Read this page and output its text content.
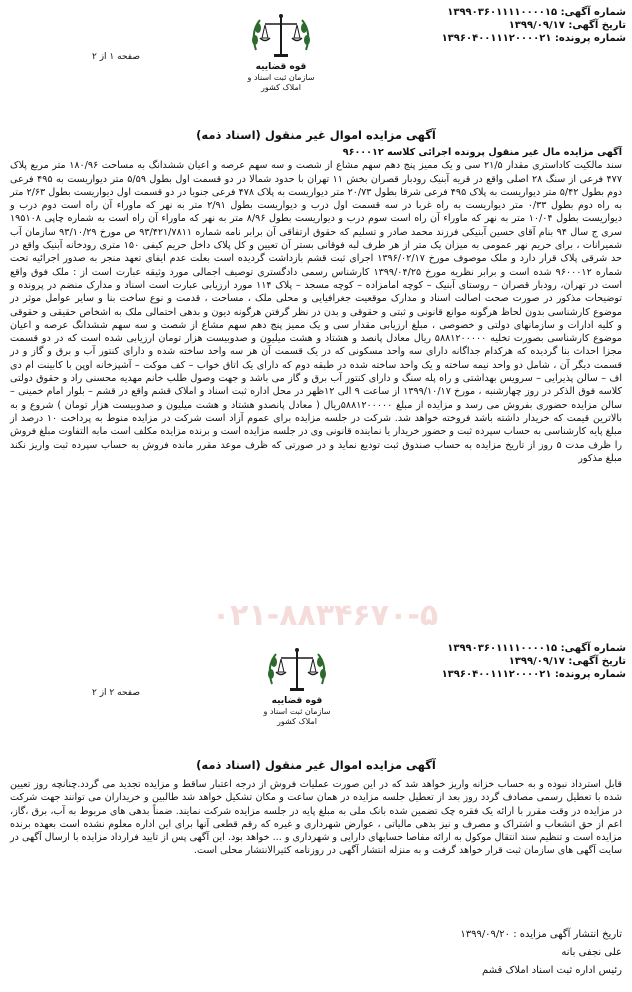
شماره آگهی: ۱۳۹۹۰۳۶۰۱۱۱۱۰۰۰۰۱۵
تاریخ آگهی: ۱۳۹۹/۰۹/۱۷
شماره پرونده: ۱۳۹۶۰۴۰۰۱۱۱۲۰۰۰۰۲۱
قوه قضاییه
سازمان ثبت اسناد و املاک کشور
صفحه ۱ از ۲
آگهی مزایده اموال غیر منقول (اسناد ذمه)

آگهی مزایده مال غیر منقول پرونده اجرائی کلاسه ۹۶۰۰۰۱۲
سند مالکیت کاداستری مقدار ۲۱/۵ سی و یک ممیز پنج دهم سهم مشاع از شصت و سه سهم عرصه و اعیان ششدانگ به مساحت ۱۸۰/۹۶ متر مربع پلاک ۴۷۷ فرعی از سنگ ۲۸ اصلی واقع در قریه آبنیک رودبار قصران بخش ۱۱ تهران با حدود شمالا در دو قسمت اول بطول ۵/۵۹ متر دیواریست به ۴۹۵ فرعی دوم بطول ۵/۴۲ متر دیواریست به پلاک ۴۹۵ فرعی شرقا بطول ۲۰/۷۳ متر دیواریست به پلاک ۴۷۸ فرعی جنوبا در دو قسمت اول دیواریست بطول ۲/۶۳ متر به راه دوم بطول ۰/۳۳ متر دیواریست به راه غربا در سه قسمت اول درب و دیواریست بطول ۲/۹۱ متر به نهر که ماوراء آن راه است دوم درب و دیواریست بطول ۱۰/۰۴ متر به نهر که ماوراء آن راه است سوم درب و دیواریست بطول ۸/۹۶ متر به نهر که ماوراء آن راه است به شماره چاپی ۱۹۵۱۰۸ سری ج سال ۹۴ بنام آقای حسین آبنیکی فرزند محمد صادر و تسلیم که حقوق ارتفاقی آن برابر نامه شماره ۹۳/۴۲۱/۷۸۱۱ ص مورخ ۹۳/۱۰/۲۹ سازمان آب شمیرانات ، برای حریم نهر عمومی به میزان یک متر از هر طرف لبه فوقانی بستر آن تعیین و کل پلاک داخل حریم کیفی ۱۵۰ متری رودخانه آبنیک واقع در حد شرقی پلاک قرار دارد و ملک موصوف مورخ ۱۳۹۶/۰۲/۱۷ اجرای ثبت قشم بازداشت گردیده است بعلت عدم ایفای تعهد منجر به صدور اجرائیه تحت شماره ۹۶۰۰۰۱۲ شده است و برابر نظریه مورخ ۱۳۹۹/۰۴/۲۵ کارشناس رسمی دادگستری توصیف اجمالی مورد وثیقه عبارت است از : ملک فوق واقع است در تهران، رودبار قصران – روستای آبنیک – کوچه امامزاده – کوچه مسجد – پلاک ۱۱۴ مورد ارزیابی عبارت است اسناد و مدارک منضم در پرونده و توضیحات مذکور در صورت صحت اصالت اسناد و مدارک موقعیت جغرافیایی و محلی ملک ، مساحت ، قدمت و نوع ساخت بنا و سایر عوامل موثر در موضوع کارشناسی بدون لحاظ هرگونه موانع قانونی و ثبتی و حقوقی و بدن در نظر گرفتن هرگونه دیون و بدهی احتمالی ملک به اشخاص حقیقی و حقوقی و کلیه ادارات و سازمانهای دولتی و خصوصی ، مبلغ ارزیابی مقدار سی و یک ممیز پنج دهم سهم مشاع از شصت و سه سهم ششدانگ عرصه و اعیان موضوع کارشناسی بصورت تخلیه ۵۸۸۱۲۰۰۰۰۰ ریال معادل پانصد و هشتاد و هشت میلیون و صدوبیست هزار تومان ارزیابی شده است که در دو قسمت مجزا احداث بنا گردیده که هرکدام جداگانه دارای سه واحد مسکونی که در یک قسمت آن هر سه واحد ساخته شده و دارای کنتور آب و برق و گاز و در قسمت دیگر آن ، شامل دو واحد نیمه ساخته و یک واحد ساخته شده در طبقه دوم که دارای یک اتاق خواب – کف موکت – آشپزخانه اوپن با کابینت ام دی اف – سالن پذیرایی – سرویس بهداشتی و راه پله سنگ و دارای کنتور آب برق و گاز می باشد و جهت وصول طلب خانم مهدیه محسنی راد و حقوق دولتی کلاسه فوق الذکر در روز چهارشنبه ، مورخ ۱۳۹۹/۱۰/۱۷ از ساعت ۹ الی ۱۲ظهر در محل اداره ثبت اسناد و املاک قشم واقع در قشم – بلوار امام خمینی – سالن مزایده حضوری بفروش می رسد و مزایده از مبلغ ۵۸۸۱۲۰۰۰۰۰ریال ( معادل پانصدو هشتاد و هشت میلیون و صدوبیست هزار تومان ) شروع و به بالاترین قیمت که خریدار داشته باشد فروخته خواهد شد. شرکت در جلسه مزایده برای عموم آزاد است شرکت در مزایده منوط به پرداخت ۱۰ درصد از مبلغ پایه کارشناسی به حساب سپرده ثبت و حضور خریدار یا نماینده قانونی وی در جلسه مزایده است و برنده مزایده مکلف است مابه التفاوت مبلغ فروش را ظرف مدت ۵ روز از تاریخ مزایده به حساب صندوق ثبت تودیع نماید و در صورتی که ظرف موعد مقرر مانده فروش به حساب سپرده ثبت واریز نکند مبلغ مذکور

۰۲۱-۸۸۳۴۶۷۰-۵
شماره آگهی: ۱۳۹۹۰۳۶۰۱۱۱۱۰۰۰۰۱۵
تاریخ آگهی: ۱۳۹۹/۰۹/۱۷
شماره پرونده: ۱۳۹۶۰۴۰۰۱۱۱۲۰۰۰۰۲۱
قوه قضاییه
سازمان ثبت اسناد و املاک کشور
صفحه ۲ از ۲
آگهی مزایده اموال غیر منقول (اسناد ذمه)

قابل استرداد نبوده و به حساب خزانه واریز خواهد شد که در این صورت عملیات فروش از درجه اعتبار ساقط و مزایده تجدید می گردد.چنانچه روز تعیین شده با تعطیل رسمی مصادف گردد روز بعد از تعطیل جلسه مزایده در همان ساعت و مکان تشکیل خواهد شد طالبین و خریداران می توانند جهت شرکت در مزایده در وقت مقرر با ارائه یک فقره چک تضمین شده بانک ملی به مبلغ پایه در جلسه مزایده شرکت نمایند. ضمناً بدهی های مربوط به آب، برق ،گاز، اعم از حق انشعاب و اشتراک و مصرف و نیز بدهی مالیاتی ، عوارض شهرداری و غیره که رقم قطعی آنها برای این اداره معلوم نشده است بعهده برنده مزایده است و تنظیم سند انتقال موکول به ارائه مفاصا حسابهای دارایی و شهرداری و ... خواهد بود. این آگهی پس از تایید فرارداد مزایده با ارسال آگهی در سایت آگهی های سازمان ثبت قرار خواهد گرفت و به منزله انتشار آگهی در روزنامه کثیرالانتشار محلی است.

تاریخ انتشار آگهی مزایده : ۱۳۹۹/۰۹/۲۰
علی نجفی بانه
رئیس اداره ثبت اسناد املاک قشم
